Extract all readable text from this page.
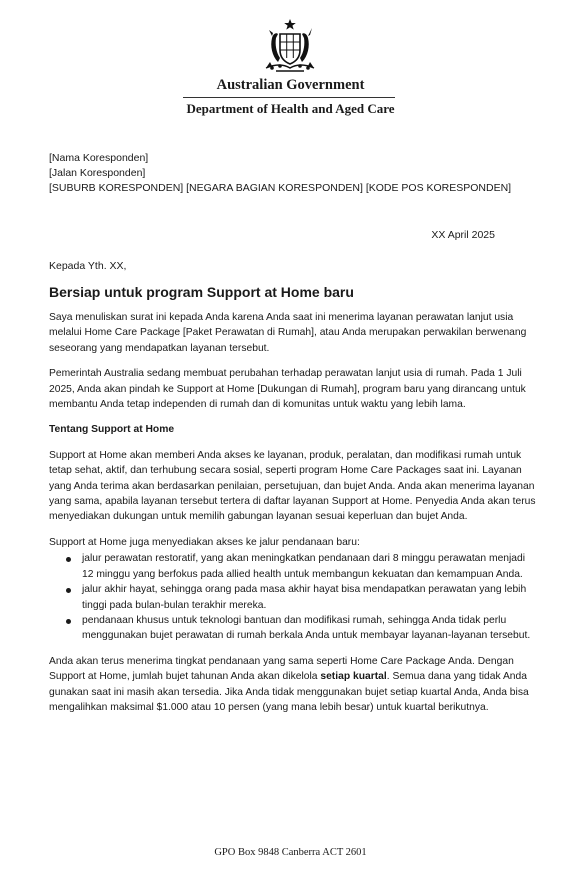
Australian Government
Department of Health and Aged Care
[Nama Koresponden]
[Jalan Koresponden]
[SUBURB KORESPONDEN] [NEGARA BAGIAN KORESPONDEN] [KODE POS KORESPONDEN]
XX April 2025
Kepada Yth. XX,
Bersiap untuk program Support at Home baru

Saya menuliskan surat ini kepada Anda karena Anda saat ini menerima layanan perawatan lanjut usia melalui Home Care Package [Paket Perawatan di Rumah], atau Anda merupakan perwakilan berwenang seseorang yang mendapatkan layanan tersebut.

Pemerintah Australia sedang membuat perubahan terhadap perawatan lanjut usia di rumah. Pada 1 Juli 2025, Anda akan pindah ke Support at Home [Dukungan di Rumah], program baru yang dirancang untuk membantu Anda tetap independen di rumah dan di komunitas untuk waktu yang lebih lama.

Tentang Support at Home

Support at Home akan memberi Anda akses ke layanan, produk, peralatan, dan modifikasi rumah untuk tetap sehat, aktif, dan terhubung secara sosial, seperti program Home Care Packages saat ini. Layanan yang Anda terima akan berdasarkan penilaian, persetujuan, dan bujet Anda. Anda akan menerima layanan yang sama, apabila layanan tersebut tertera di daftar layanan Support at Home. Penyedia Anda akan terus menyediakan dukungan untuk memilih gabungan layanan sesuai keperluan dan bujet Anda.

Support at Home juga menyediakan akses ke jalur pendanaan baru:

jalur perawatan restoratif, yang akan meningkatkan pendanaan dari 8 minggu perawatan menjadi 12 minggu yang berfokus pada allied health untuk membangun kekuatan dan kemampuan Anda.
jalur akhir hayat, sehingga orang pada masa akhir hayat bisa mendapatkan perawatan yang lebih tinggi pada bulan-bulan terakhir mereka.
pendanaan khusus untuk teknologi bantuan dan modifikasi rumah, sehingga Anda tidak perlu menggunakan bujet perawatan di rumah berkala Anda untuk membayar layanan-layanan tersebut.

Anda akan terus menerima tingkat pendanaan yang sama seperti Home Care Package Anda. Dengan Support at Home, jumlah bujet tahunan Anda akan dikelola setiap kuartal. Semua dana yang tidak Anda gunakan saat ini masih akan tersedia. Jika Anda tidak menggunakan bujet setiap kuartal Anda, Anda bisa mengalihkan maksimal $1.000 atau 10 persen (yang mana lebih besar) untuk kuartal berikutnya.

GPO Box 9848 Canberra ACT 2601
